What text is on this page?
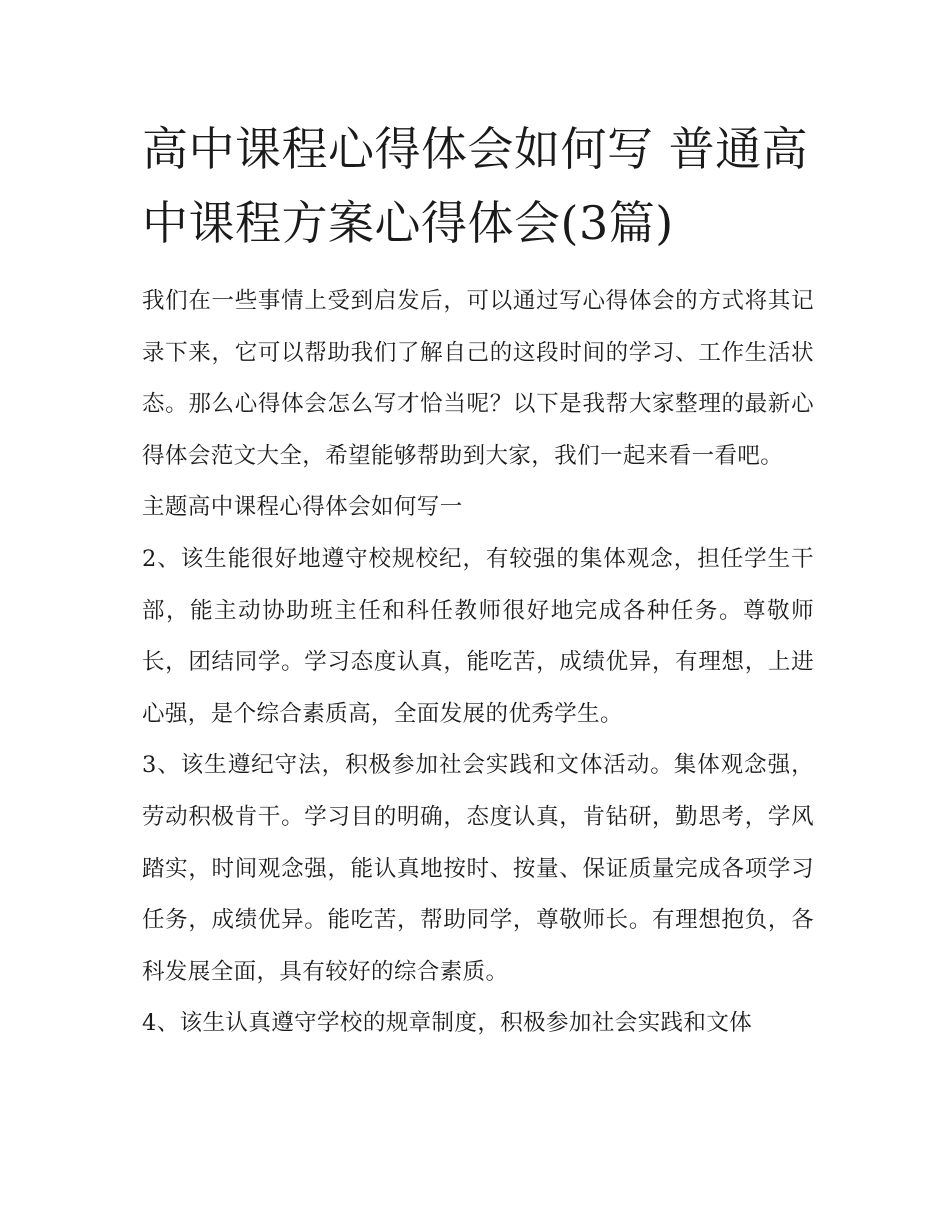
高中课程心得体会如何写 普通高中课程方案心得体会(3篇)

我们在一些事情上受到启发后，可以通过写心得体会的方式将其记录下来，它可以帮助我们了解自己的这段时间的学习、工作生活状态。那么心得体会怎么写才恰当呢？以下是我帮大家整理的最新心得体会范文大全，希望能够帮助到大家，我们一起来看一看吧。

主题高中课程心得体会如何写一

2、该生能很好地遵守校规校纪，有较强的集体观念，担任学生干部，能主动协助班主任和科任教师很好地完成各种任务。尊敬师长，团结同学。学习态度认真，能吃苦，成绩优异，有理想，上进心强，是个综合素质高，全面发展的优秀学生。

3、该生遵纪守法，积极参加社会实践和文体活动。集体观念强，劳动积极肯干。学习目的明确，态度认真，肯钻研，勤思考，学风踏实，时间观念强，能认真地按时、按量、保证质量完成各项学习任务，成绩优异。能吃苦，帮助同学，尊敬师长。有理想抱负，各科发展全面，具有较好的综合素质。

4、该生认真遵守学校的规章制度，积极参加社会实践和文体
